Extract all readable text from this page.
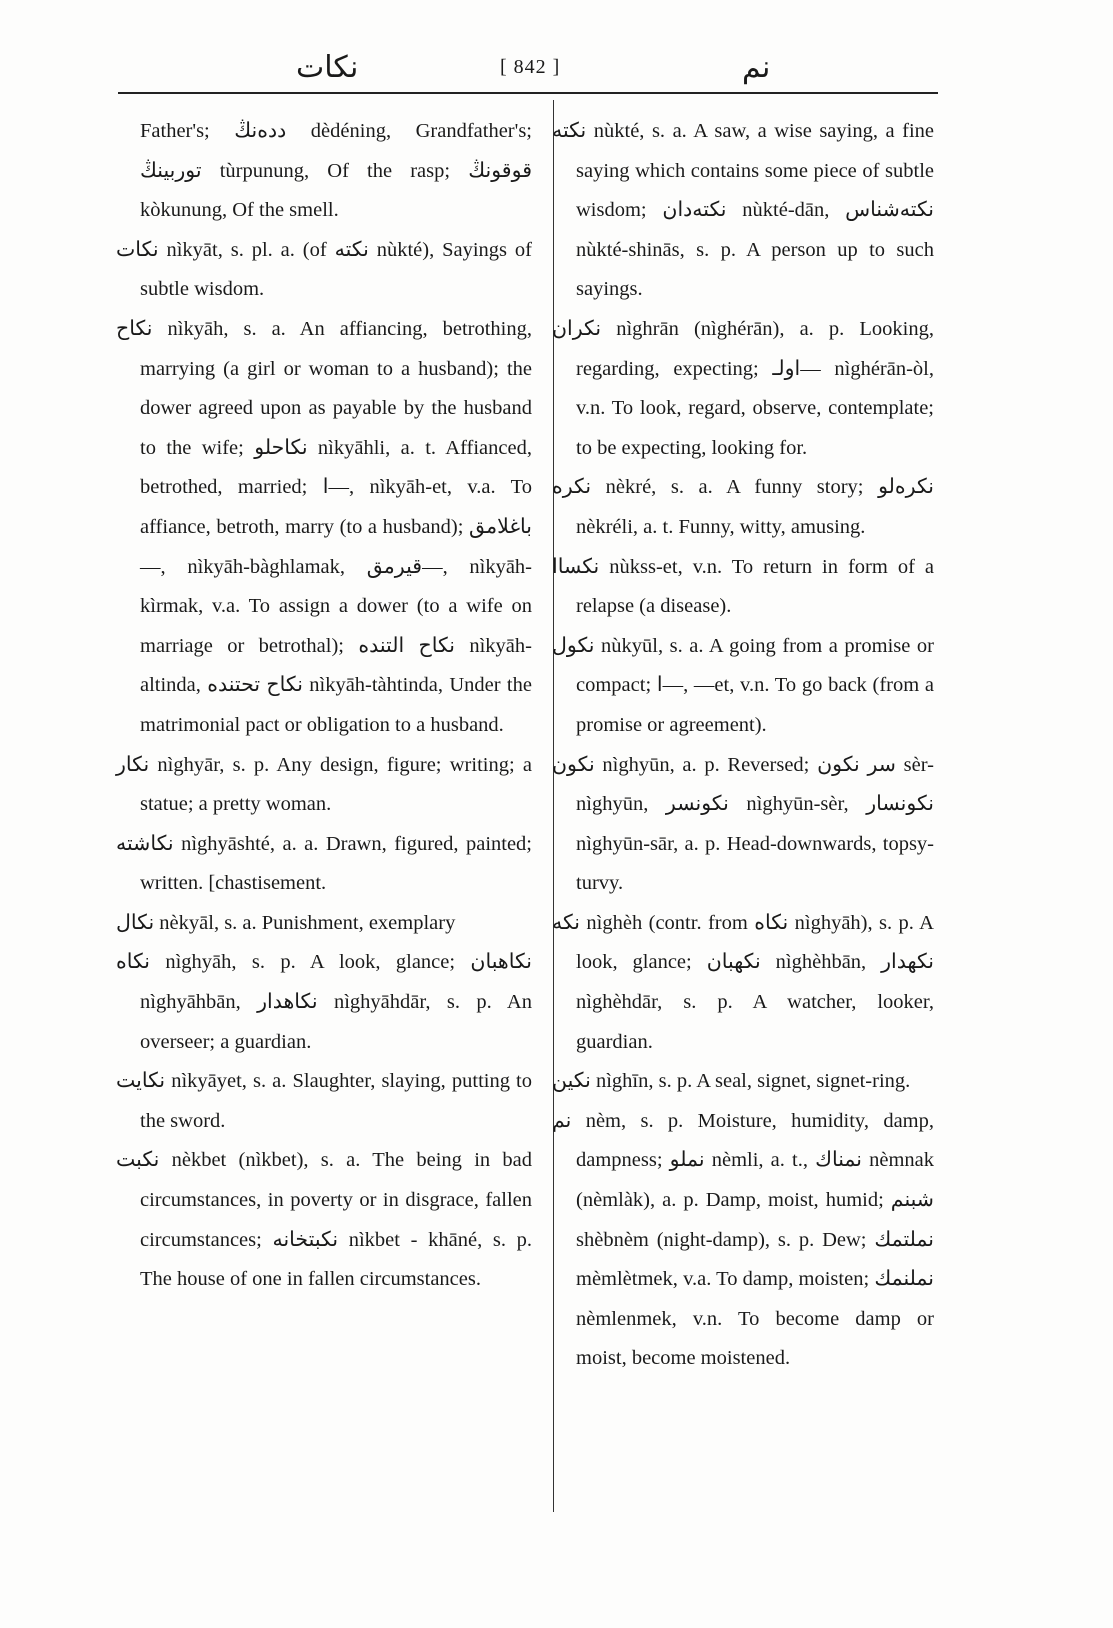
نكات	[ 842 ]	نم

Father's; ددەنڭ dèdéning, Grandfather's; توربينڭ tùrpunung, Of the rasp; قوقونڭ kòkunung, Of the smell.

نكات nìkyāt, s. pl. a. (of نكتە nùkté), Sayings of subtle wisdom.

نكاح nìkyāh, s. a. An affiancing, betrothing, marrying (a girl or woman to a husband); the dower agreed upon as payable by the husband to the wife; نكاحلو nìkyāhli, a. t. Affianced, betrothed, married; ا—, nìkyāh-et, v.a. To affiance, betroth, marry (to a husband); باغلامق—, nìkyāh-bàghlamak, قيرمق—, nìkyāh-kìrmak, v.a. To assign a dower (to a wife on marriage or betrothal); نكاح التندە nìkyāh-altinda, نكاح تحتندە nìkyāh-tàhtinda, Under the matrimonial pact or obligation to a husband.

نكار nìghyār, s. p. Any design, figure; writing; a statue; a pretty woman.

نكاشتە nìghyāshté, a. a. Drawn, figured, painted; written. [chastisement.

نكال nèkyāl, s. a. Punishment, exemplary

نكاه nìghyāh, s. p. A look, glance; نكاهبان nìghyāhbān, نكاهدار nìghyāhdār, s. p. An overseer; a guardian.

نكايت nìkyāyet, s. a. Slaughter, slaying, putting to the sword.

نكبت nèkbet (nìkbet), s. a. The being in bad circumstances, in poverty or in disgrace, fallen circumstances; نكبتخانە nìkbet - khāné, s. p. The house of one in fallen circumstances.

نكتە nùkté, s. a. A saw, a wise saying, a fine saying which contains some piece of subtle wisdom; نكتەدان nùkté-dān, نكتەشناس nùkté-shinās, s. p. A person up to such sayings.

نكران nìghrān (nìghérān), a. p. Looking, regarding, expecting; اولـ— nìghérān-òl, v.n. To look, regard, observe, contemplate; to be expecting, looking for.

نكرە nèkré, s. a. A funny story; نكرەلو nèkréli, a. t. Funny, witty, amusing.

نكساا nùkss-et, v.n. To return in form of a relapse (a disease).

نكول nùkyūl, s. a. A going from a promise or compact; ا—, —et, v.n. To go back (from a promise or agreement).

نكون nìghyūn, a. p. Reversed; سر نكون sèr-nìghyūn, نكونسر nìghyūn-sèr, نكونسار nìghyūn-sār, a. p. Head-downwards, topsy-turvy.

نكە nìghèh (contr. from نكاه nìghyāh), s. p. A look, glance; نكهبان nìghèhbān, نكهدار nìghèhdār, s. p. A watcher, looker, guardian.

نكين nìghīn, s. p. A seal, signet, signet-ring.

نم nèm, s. p. Moisture, humidity, damp, dampness; نملو nèmli, a. t., نمناك nèmnak (nèmlàk), a. p. Damp, moist, humid; شبنم shèbnèm (night-damp), s. p. Dew; نملتمك mèmlètmek, v.a. To damp, moisten; نملنمك nèmlenmek, v.n. To become damp or moist, become moistened.
